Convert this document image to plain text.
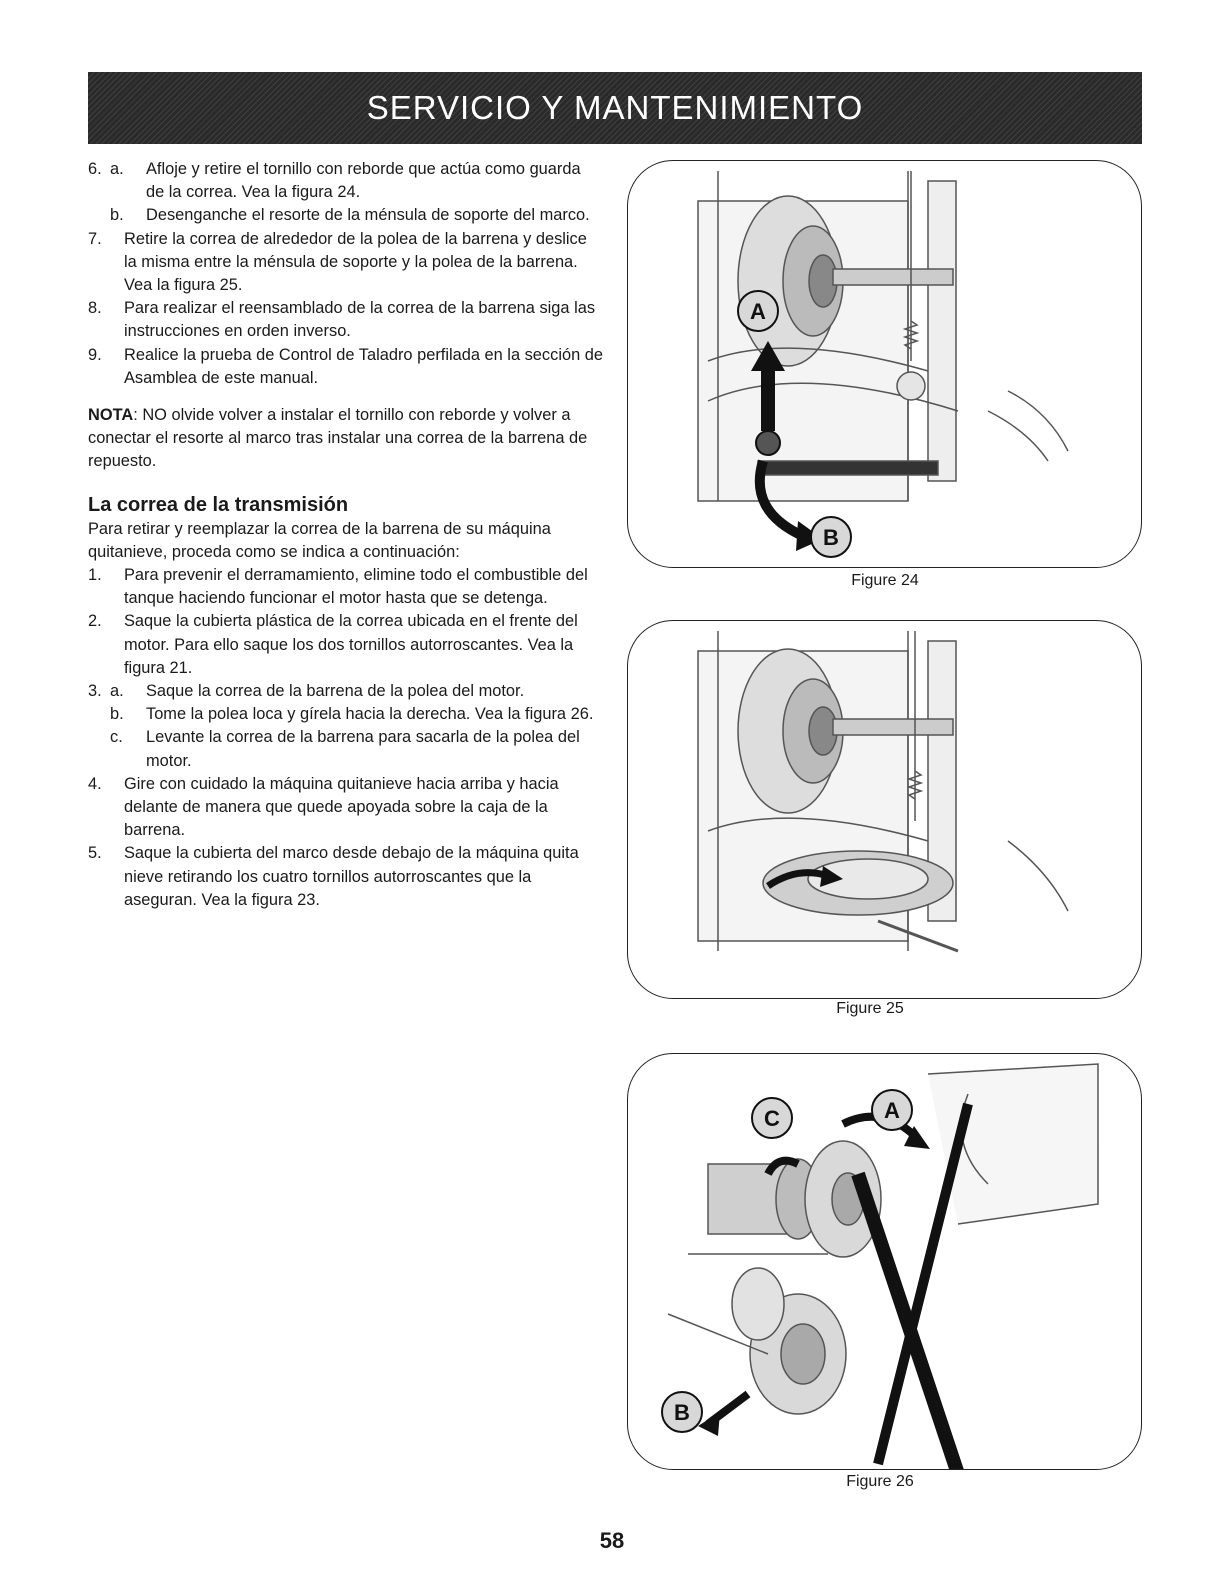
SERVICIO Y MANTENIMIENTO
6. a.	Afloje y retire el tornillo con reborde que actúa como guarda de la correa. Vea la figura 24.
b.	Desenganche el resorte de la ménsula de soporte del marco.
7.	Retire la correa de alrededor de la polea de la barrena y deslice la misma entre la ménsula de soporte y la polea de la barrena. Vea la figura 25.
8.	Para realizar el reensamblado de la correa de la barrena siga las instrucciones en orden inverso.
9.	Realice la prueba de Control de Taladro perfilada en la sección de Asamblea de este manual.
NOTA: NO olvide volver a instalar el tornillo con reborde y volver a conectar el resorte al marco tras instalar una correa de la barrena de repuesto.
La correa de la transmisión
Para retirar y reemplazar la correa de la barrena de su máquina quitanieve, proceda como se indica a continuación:
1.	Para prevenir el derramamiento, elimine todo el combustible del tanque haciendo funcionar el motor hasta que se detenga.
2.	Saque la cubierta plástica de la correa ubicada en el frente del motor. Para ello saque los dos tornillos autorroscantes. Vea la figura 21.
3. a.	Saque la correa de la barrena de la polea del motor.
b.	Tome la polea loca y gírela hacia la derecha. Vea la figura 26.
c.	Levante la correa de la barrena para sacarla de la polea del motor.
4.	Gire con cuidado la máquina quitanieve hacia arriba y hacia delante de manera que quede apoyada sobre la caja de la barrena.
5.	Saque la cubierta del marco desde debajo de la máquina quita nieve retirando los cuatro tornillos autorroscantes que la aseguran. Vea la figura 23.
A
B
Figure 24
Figure 25
C	A
B
Figure 26
58
